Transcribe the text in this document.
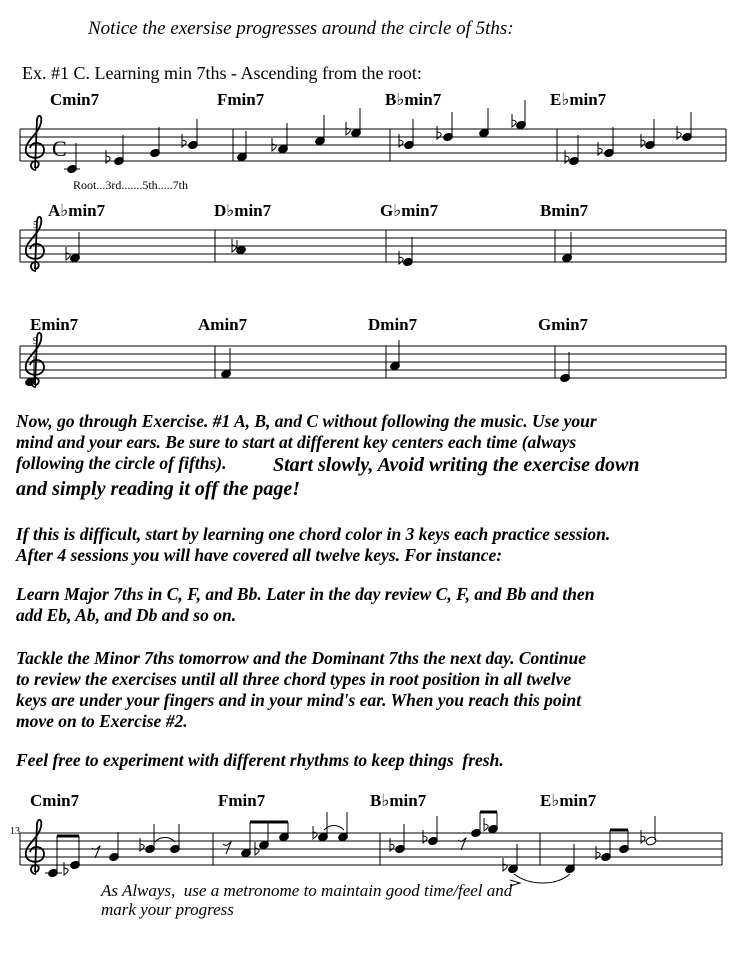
Notice the exersise progresses around the circle of 5ths:
Ex. #1 C. Learning min 7ths - Ascending from the root:
Cmin7	Fmin7	B♭min7	E♭min7
Root...3rd.......5th.....7th
C
5
A♭min7	D♭min7	G♭min7	Bmin7
9
Emin7	Amin7	Dmin7	Gmin7
Now, go through Exercise. #1 A, B, and C without following the music. Use your
mind and your ears. Be sure to start at different key centers each time (always
following the circle of fifths).	Start slowly, Avoid writing the exercise down
and simply reading it off the page!
If this is difficult, start by learning one chord color in 3 keys each practice session.
After 4 sessions you will have covered all twelve keys. For instance:
Learn Major 7ths in C, F, and Bb. Later in the day review C, F, and Bb and then
add Eb, Ab, and Db and so on.
Tackle the Minor 7ths tomorrow and the Dominant 7ths the next day. Continue
to review the exercises until all three chord types in root position in all twelve
keys are under your fingers and in your mind's ear. When you reach this point
move on to Exercise #2.
Feel free to experiment with different rhythms to keep things  fresh.
Cmin7	Fmin7	B♭min7	E♭min7
13
As Always,  use a metronome to maintain good time/feel and
mark your progress
